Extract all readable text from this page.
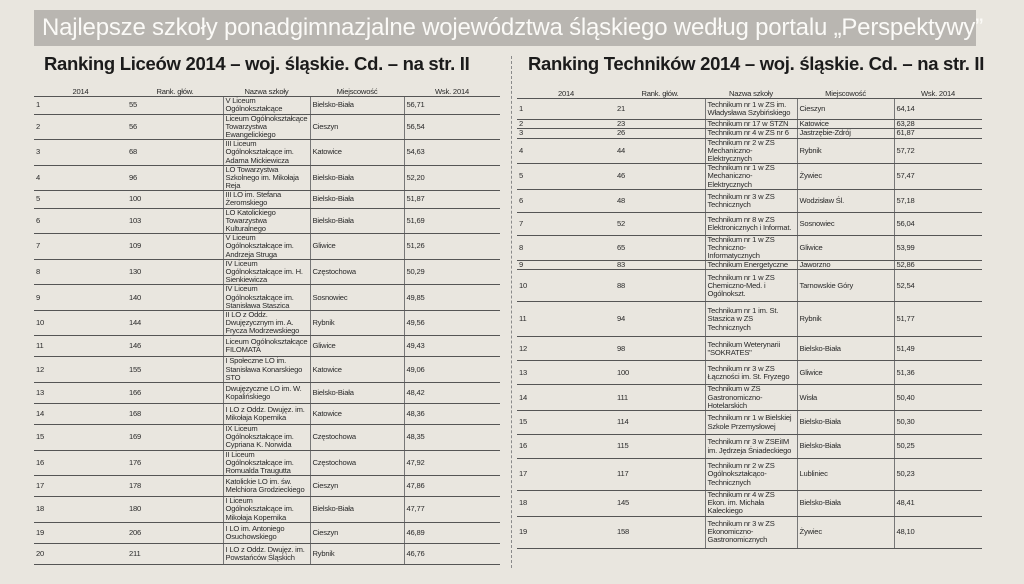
Najlepsze szkoły ponadgimnazjalne województwa śląskiego według portalu „Perspektywy”
Ranking Liceów 2014 – woj. śląskie. Cd. – na str. II	Ranking Techników 2014 – woj. śląskie. Cd. – na str. II
2014	Rank. głów.	Nazwa szkoły	Miejscowość	Wsk. 2014
1	55	V Liceum Ogólnokształcące	Bielsko-Biała	56,71
2	56	Liceum Ogólnokształcące Towarzystwa Ewangelickiego	Cieszyn	56,54
3	68	III Liceum Ogólnokształcące im. Adama Mickiewicza	Katowice	54,63
4	96	LO Towarzystwa Szkolnego im. Mikołaja Reja	Bielsko-Biała	52,20
5	100	III LO im. Stefana Żeromskiego	Bielsko-Biała	51,87
6	103	LO Katolickiego Towarzystwa Kulturalnego	Bielsko-Biała	51,69
7	109	V Liceum Ogólnokształcące im. Andrzeja Struga	Gliwice	51,26
8	130	IV Liceum Ogólnokształcące im. H. Sienkiewicza	Częstochowa	50,29
9	140	IV Liceum Ogólnokształcące im. Stanisława Staszica	Sosnowiec	49,85
10	144	II LO z Oddz. Dwujęzycznym im. A. Frycza Modrzewskiego	Rybnik	49,56
11	146	Liceum Ogólnokształcące FILOMATA	Gliwice	49,43
12	155	I Społeczne LO im. Stanisława Konarskiego STO	Katowice	49,06
13	166	Dwujęzyczne LO im. W. Kopalińskiego	Bielsko-Biała	48,42
14	168	I LO z Oddz. Dwujęz. im. Mikołaja Kopernika	Katowice	48,36
15	169	IX Liceum Ogólnokształcące im. Cypriana K. Norwida	Częstochowa	48,35
16	176	II Liceum Ogólnokształcące im. Romualda Traugutta	Częstochowa	47,92
17	178	Katolickie LO im. św. Melchiora Grodzieckiego	Cieszyn	47,86
18	180	I Liceum Ogólnokształcące im. Mikołaja Kopernika	Bielsko-Biała	47,77
19	206	I LO im. Antoniego Osuchowskiego	Cieszyn	46,89
20	211	I LO z Oddz. Dwujęz. im. Powstańców Śląskich	Rybnik	46,76
2014	Rank. głów.	Nazwa szkoły	Miejscowość	Wsk. 2014
1	21	Technikum nr 1 w ZS im. Władysława Szybińskiego	Cieszyn	64,14
2	23	Technikum nr 17 w ŠTZN	Katowice	63,28
3	26	Technikum nr 4 w ZS nr 6	Jastrzębie-Zdrój	61,87
4	44	Technikum nr 2 w ZS Mechaniczno-Elektrycznych	Rybnik	57,72
5	46	Technikum nr 1 w ZS Mechaniczno-Elektrycznych	Żywiec	57,47
6	48	Technikum nr 3 w ZS Technicznych	Wodzisław Śl.	57,18
7	52	Technikum nr 8 w ZS Elektronicznych i Informat.	Sosnowiec	56,04
8	65	Technikum nr 1 w ZS Techniczno-Informatycznych	Gliwice	53,99
9	83	Technikum Energetyczne	Jaworzno	52,86
10	88	Technikum nr 1 w ZS Chemiczno-Med. i Ogólnokszt.	Tarnowskie Góry	52,54
11	94	Technikum nr 1 im. St. Staszica w ZS Technicznych	Rybnik	51,77
12	98	Technikum Weterynarii "SOKRATES"	Bielsko-Biała	51,49
13	100	Technikum nr 3 w ZS Łączności im. St. Fryzego	Gliwice	51,36
14	111	Technikum w ZS Gastronomiczno-Hotelarskich	Wisła	50,40
15	114	Technikum nr 1 w Bielskiej Szkole Przemysłowej	Bielsko-Biała	50,30
16	115	Technikum nr 3 w ZSEiIM im. Jędrzeja Śniadeckiego	Bielsko-Biała	50,25
17	117	Technikum nr 2 w ZS Ogólnokształcąco-Technicznych	Lubliniec	50,23
18	145	Technikum nr 4 w ZS Ekon. im. Michała Kaleckiego	Bielsko-Biała	48,41
19	158	Technikum nr 3 w ZS Ekonomiczno-Gastronomicznych	Żywiec	48,10
